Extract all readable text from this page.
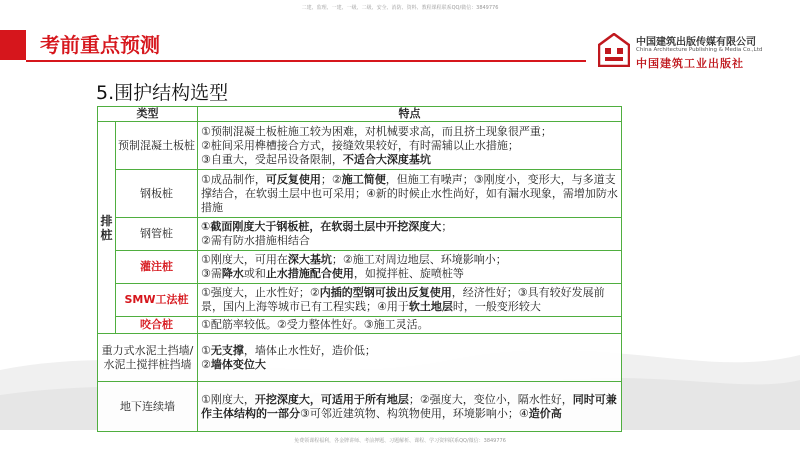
二建、监理、一建、一级、二级、安全、消防、资料、教程课程联系QQ/微信：3849776
考前重点预测	中国建筑出版传媒有限公司
China Architecture Publishing & Media Co.,Ltd
中国建筑工业出版社
5.围护结构选型
类型		特点
排桩	预制混凝土板桩	①预制混凝土板桩施工较为困难，对机械要求高，而且挤土现象很严重；
②桩间采用榫槽接合方式，接缝效果较好，有时需辅以止水措施；
③自重大，受起吊设备限制，不适合大深度基坑

	钢板桩	①成品制作，可反复使用；②施工简便，但施工有噪声；③刚度小，变形大，与多道支撑结合，在软弱土层中也可采用；④新的时候止水性尚好，如有漏水现象，需增加防水措施
	钢管桩	①截面刚度大于钢板桩，在软弱土层中开挖深度大；
②需有防水措施相结合

	灌注桩	①刚度大，可用在深大基坑；②施工对周边地层、环境影响小；
③需降水或和止水措施配合使用，如搅拌桩、旋喷桩等

	SMW工法桩	①强度大，止水性好；②内插的型钢可拔出反复使用，经济性好；③具有较好发展前景，国内上海等城市已有工程实践；④用于软土地层时，一般变形较大
	咬合桩	①配筋率较低。②受力整体性好。③施工灵活。
重力式水泥土挡墙/水泥土搅拌桩挡墙		①无支撑，墙体止水性好，造价低；
②墙体变位大

地下连续墙		①刚度大，开挖深度大，可适用于所有地层；②强度大，变位小，隔水性好，同时可兼作主体结构的一部分③可邻近建筑物、构筑物使用，环境影响小；④造价高
免费领课程福利，各金牌讲师、考前押题、习题解析、课程、学习资料联系QQ/微信：3849776
